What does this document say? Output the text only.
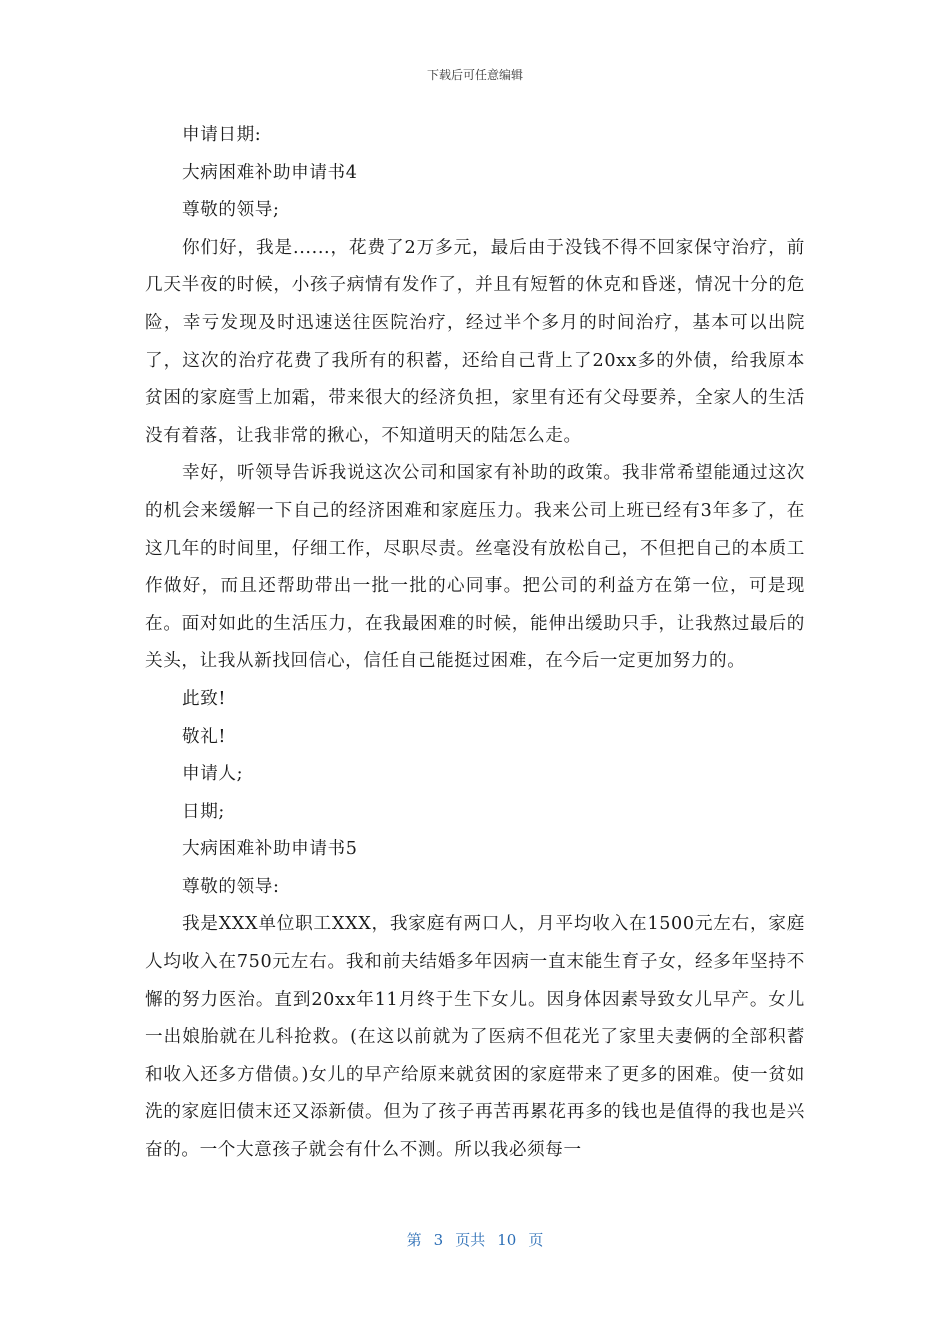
下载后可任意编辑

申请日期:

大病困难补助申请书4

尊敬的领导;

你们好，我是......，花费了2万多元，最后由于没钱不得不回家保守治疗，前几天半夜的时候，小孩子病情有发作了，并且有短暂的休克和昏迷，情况十分的危险，幸亏发现及时迅速送往医院治疗，经过半个多月的时间治疗，基本可以出院了，这次的治疗花费了我所有的积蓄，还给自己背上了20xx多的外债，给我原本贫困的家庭雪上加霜，带来很大的经济负担，家里有还有父母要养，全家人的生活没有着落，让我非常的揪心，不知道明天的陆怎么走。

幸好，听领导告诉我说这次公司和国家有补助的政策。我非常希望能通过这次的机会来缓解一下自己的经济困难和家庭压力。我来公司上班已经有3年多了，在这几年的时间里，仔细工作，尽职尽责。丝毫没有放松自己，不但把自己的本质工作做好，而且还帮助带出一批一批的心同事。把公司的利益方在第一位，可是现在。面对如此的生活压力，在我最困难的时候，能伸出缓助只手，让我熬过最后的关头，让我从新找回信心，信任自己能挺过困难，在今后一定更加努力的。

此致!

敬礼!

申请人;

日期;

大病困难补助申请书5

尊敬的领导:

我是XXX单位职工XXX，我家庭有两口人，月平均收入在1500元左右，家庭人均收入在750元左右。我和前夫结婚多年因病一直末能生育子女，经多年坚持不懈的努力医治。直到20xx年11月终于生下女儿。因身体因素导致女儿早产。女儿一出娘胎就在儿科抢救。(在这以前就为了医病不但花光了家里夫妻俩的全部积蓄和收入还多方借债。)女儿的早产给原来就贫困的家庭带来了更多的困难。使一贫如洗的家庭旧债末还又添新债。但为了孩子再苦再累花再多的钱也是值得的我也是兴奋的。一个大意孩子就会有什么不测。所以我必须每一

第 3 页共 10 页
